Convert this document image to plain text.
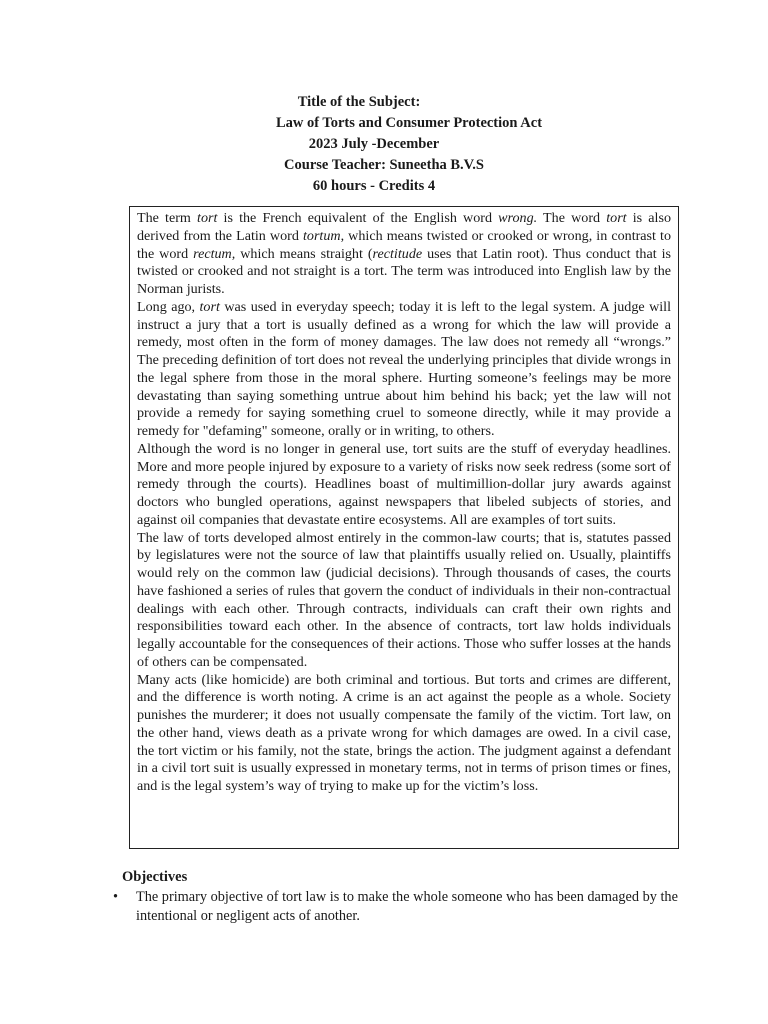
Title of the Subject:
Law of Torts and Consumer Protection Act
2023 July -December
Course Teacher: Suneetha B.V.S
60 hours - Credits 4

The term tort is the French equivalent of the English word wrong. The word tort is also derived from the Latin word tortum, which means twisted or crooked or wrong, in contrast to the word rectum, which means straight (rectitude uses that Latin root). Thus conduct that is twisted or crooked and not straight is a tort. The term was introduced into English law by the Norman jurists.

Long ago, tort was used in everyday speech; today it is left to the legal system. A judge will instruct a jury that a tort is usually defined as a wrong for which the law will provide a remedy, most often in the form of money damages. The law does not remedy all “wrongs.” The preceding definition of tort does not reveal the underlying principles that divide wrongs in the legal sphere from those in the moral sphere. Hurting someone’s feelings may be more devastating than saying something untrue about him behind his back; yet the law will not provide a remedy for saying something cruel to someone directly, while it may provide a remedy for "defaming" someone, orally or in writing, to others.

Although the word is no longer in general use, tort suits are the stuff of everyday headlines. More and more people injured by exposure to a variety of risks now seek redress (some sort of remedy through the courts). Headlines boast of multimillion-dollar jury awards against doctors who bungled operations, against newspapers that libeled subjects of stories, and against oil companies that devastate entire ecosystems. All are examples of tort suits.

The law of torts developed almost entirely in the common-law courts; that is, statutes passed by legislatures were not the source of law that plaintiffs usually relied on. Usually, plaintiffs would rely on the common law (judicial decisions). Through thousands of cases, the courts have fashioned a series of rules that govern the conduct of individuals in their non-contractual dealings with each other. Through contracts, individuals can craft their own rights and responsibilities toward each other. In the absence of contracts, tort law holds individuals legally accountable for the consequences of their actions. Those who suffer losses at the hands of others can be compensated.

Many acts (like homicide) are both criminal and tortious. But torts and crimes are different, and the difference is worth noting. A crime is an act against the people as a whole. Society punishes the murderer; it does not usually compensate the family of the victim. Tort law, on the other hand, views death as a private wrong for which damages are owed. In a civil case, the tort victim or his family, not the state, brings the action. The judgment against a defendant in a civil tort suit is usually expressed in monetary terms, not in terms of prison times or fines, and is the legal system’s way of trying to make up for the victim’s loss.

Objectives
• The primary objective of tort law is to make the whole someone who has been damaged by the intentional or negligent acts of another.
